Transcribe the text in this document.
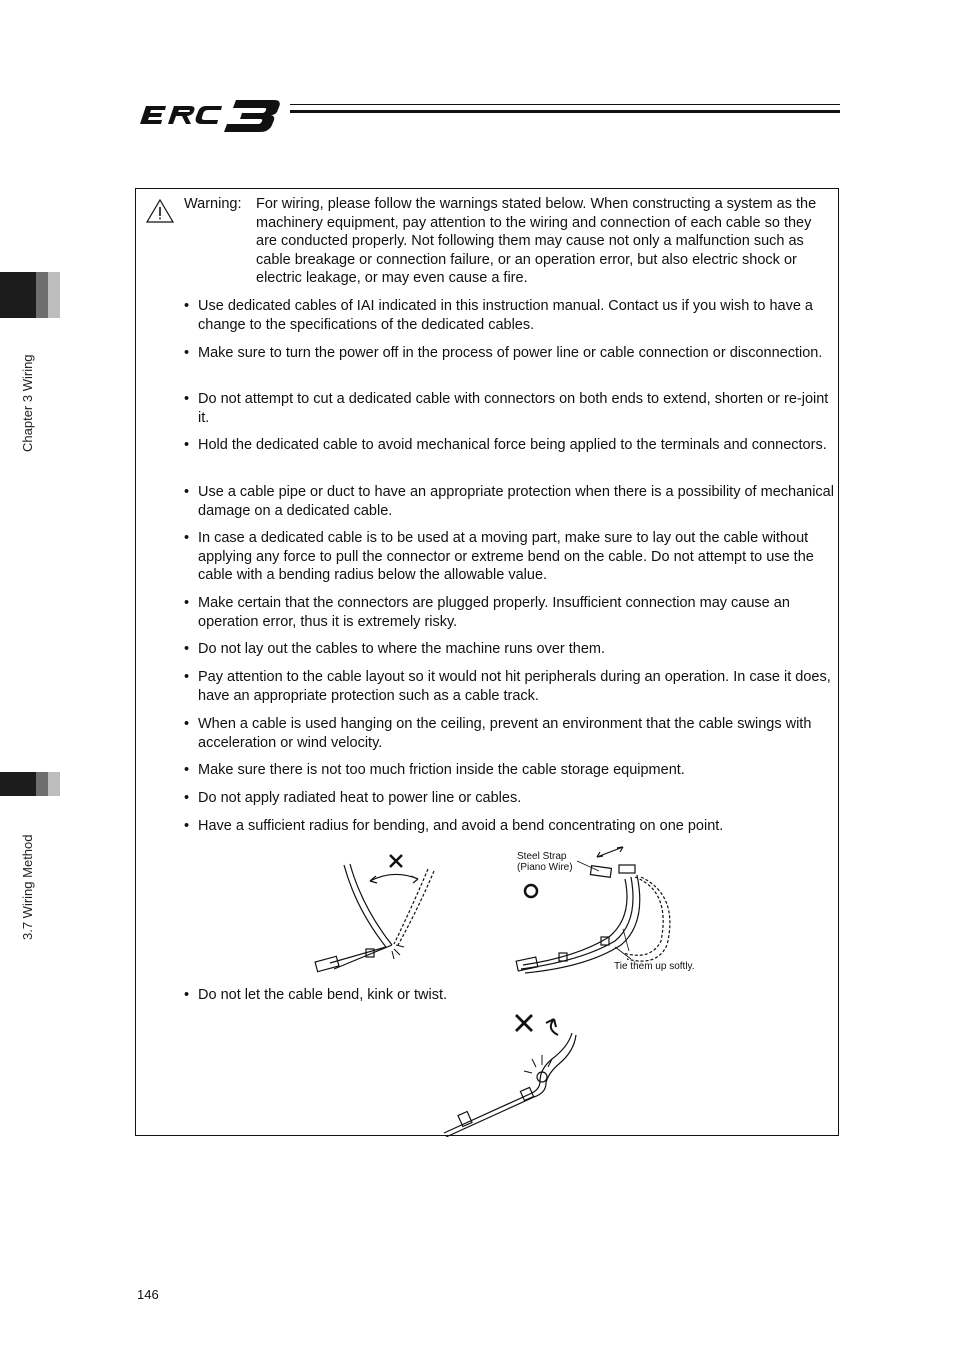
Chapter 3 Wiring
3.7 Wiring Method
Warning: For wiring, please follow the warnings stated below. When constructing a system as the machinery equipment, pay attention to the wiring and connection of each cable so they are conducted properly. Not following them may cause not only a malfunction such as cable breakage or connection failure, or an operation error, but also electric shock or electric leakage, or may even cause a fire.
• Use dedicated cables of IAI indicated in this instruction manual. Contact us if you wish to have a change to the specifications of the dedicated cables.
• Make sure to turn the power off in the process of power line or cable connection or disconnection.
• Do not attempt to cut a dedicated cable with connectors on both ends to extend, shorten or re-joint it.
• Hold the dedicated cable to avoid mechanical force being applied to the terminals and connectors.
• Use a cable pipe or duct to have an appropriate protection when there is a possibility of mechanical damage on a dedicated cable.
• In case a dedicated cable is to be used at a moving part, make sure to lay out the cable without applying any force to pull the connector or extreme bend on the cable. Do not attempt to use the cable with a bending radius below the allowable value.
• Make certain that the connectors are plugged properly. Insufficient connection may cause an operation error, thus it is extremely risky.
• Do not lay out the cables to where the machine runs over them.
• Pay attention to the cable layout so it would not hit peripherals during an operation. In case it does, have an appropriate protection such as a cable track.
• When a cable is used hanging on the ceiling, prevent an environment that the cable swings with acceleration or wind velocity.
• Make sure there is not too much friction inside the cable storage equipment.
• Do not apply radiated heat to power line or cables.
• Have a sufficient radius for bending, and avoid a bend concentrating on one point.
Steel Strap
(Piano Wire)
Tie them up softly.
• Do not let the cable bend, kink or twist.
146
